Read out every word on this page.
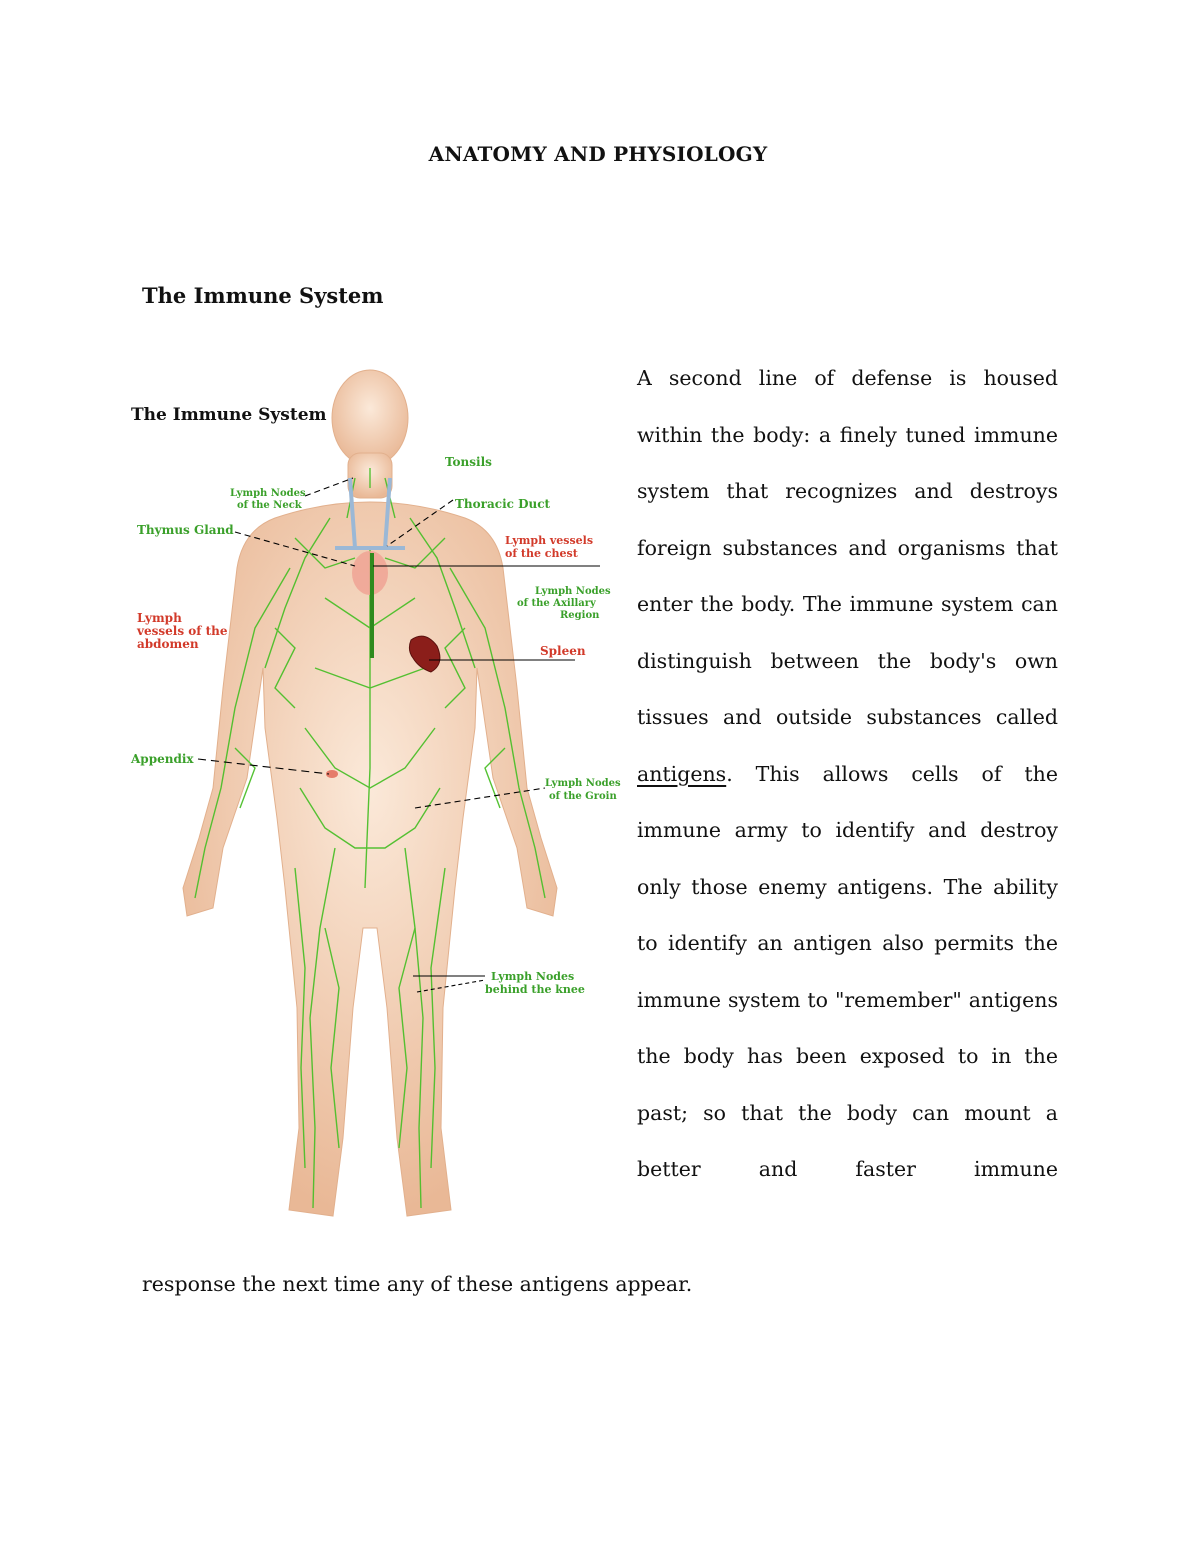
ANATOMY AND PHYSIOLOGY
The Immune System
The Immune System
Tonsils
Lymph Nodes
of the Neck	Thoracic Duct
Thymus Gland
Lymph vessels
of the chest
Lymph Nodes
of the Axillary
Region
Lymph
vessels of the
abdomen	Spleen
Appendix
Lymph Nodes
of the Groin
Lymph Nodes
behind the knee

A second line of defense is housed within the body: a finely tuned immune system that recognizes and destroys foreign substances and organisms that enter the body. The immune system can distinguish between the body's own tissues and outside substances called antigens. This allows cells of the immune army to identify and destroy only those enemy antigens. The ability to identify an antigen also permits the immune system to "remember" antigens the body has been exposed to in the past; so that the body can mount a better and faster immune

response the next time any of these antigens appear.
